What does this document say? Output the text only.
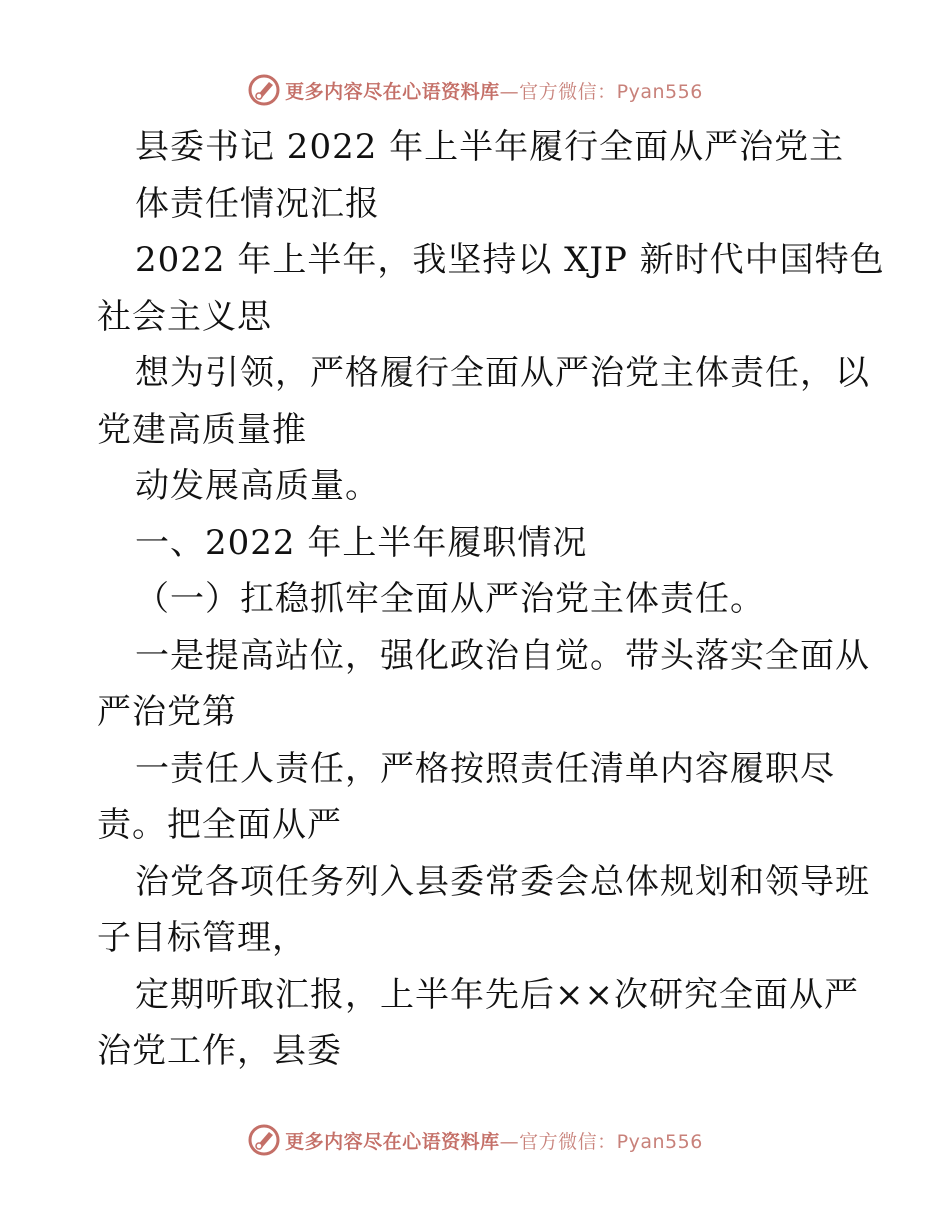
更多内容尽在心语资料库—官方微信：Pyan556
县委书记 2022 年上半年履行全面从严治党主
体责任情况汇报
2022 年上半年，我坚持以 XJP 新时代中国特色
社会主义思
想为引领，严格履行全面从严治党主体责任，以
党建高质量推
动发展高质量。
一、2022 年上半年履职情况
（一）扛稳抓牢全面从严治党主体责任。
一是提高站位，强化政治自觉。带头落实全面从
严治党第
一责任人责任，严格按照责任清单内容履职尽
责。把全面从严
治党各项任务列入县委常委会总体规划和领导班
子目标管理，
定期听取汇报，上半年先后××次研究全面从严
治党工作，县委
更多内容尽在心语资料库—官方微信：Pyan556
